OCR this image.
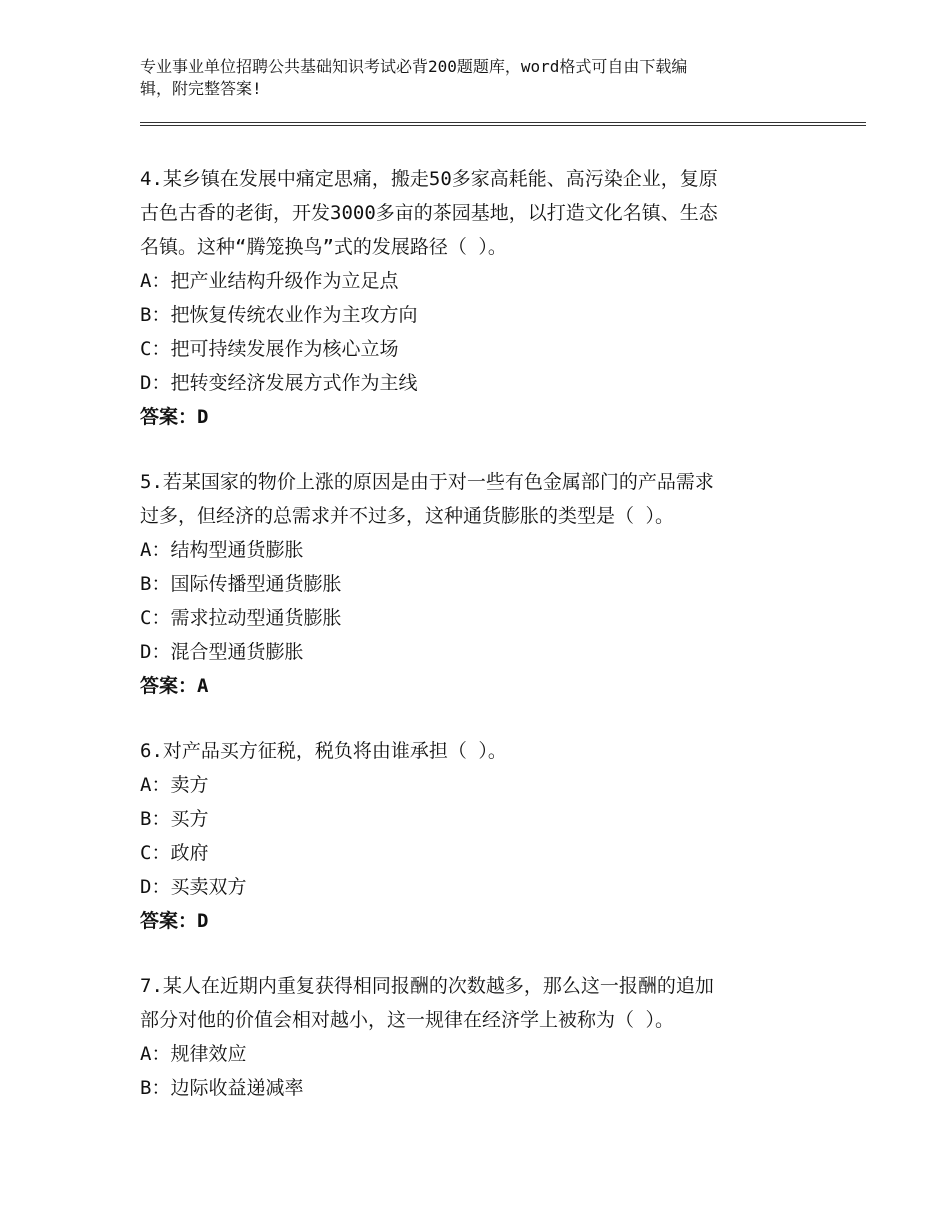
专业事业单位招聘公共基础知识考试必背200题题库，word格式可自由下载编
辑，附完整答案!
4.某乡镇在发展中痛定思痛，搬走50多家高耗能、高污染企业，复原
古色古香的老街，开发3000多亩的茶园基地，以打造文化名镇、生态
名镇。这种“腾笼换鸟”式的发展路径（ ）。
A：把产业结构升级作为立足点
B：把恢复传统农业作为主攻方向
C：把可持续发展作为核心立场
D：把转变经济发展方式作为主线
答案：D
5.若某国家的物价上涨的原因是由于对一些有色金属部门的产品需求
过多，但经济的总需求并不过多，这种通货膨胀的类型是（ ）。
A：结构型通货膨胀
B：国际传播型通货膨胀
C：需求拉动型通货膨胀
D：混合型通货膨胀
答案：A
6.对产品买方征税，税负将由谁承担（ ）。
A：卖方
B：买方
C：政府
D：买卖双方
答案：D
7.某人在近期内重复获得相同报酬的次数越多，那么这一报酬的追加
部分对他的价值会相对越小，这一规律在经济学上被称为（ ）。
A：规律效应
B：边际收益递减率
